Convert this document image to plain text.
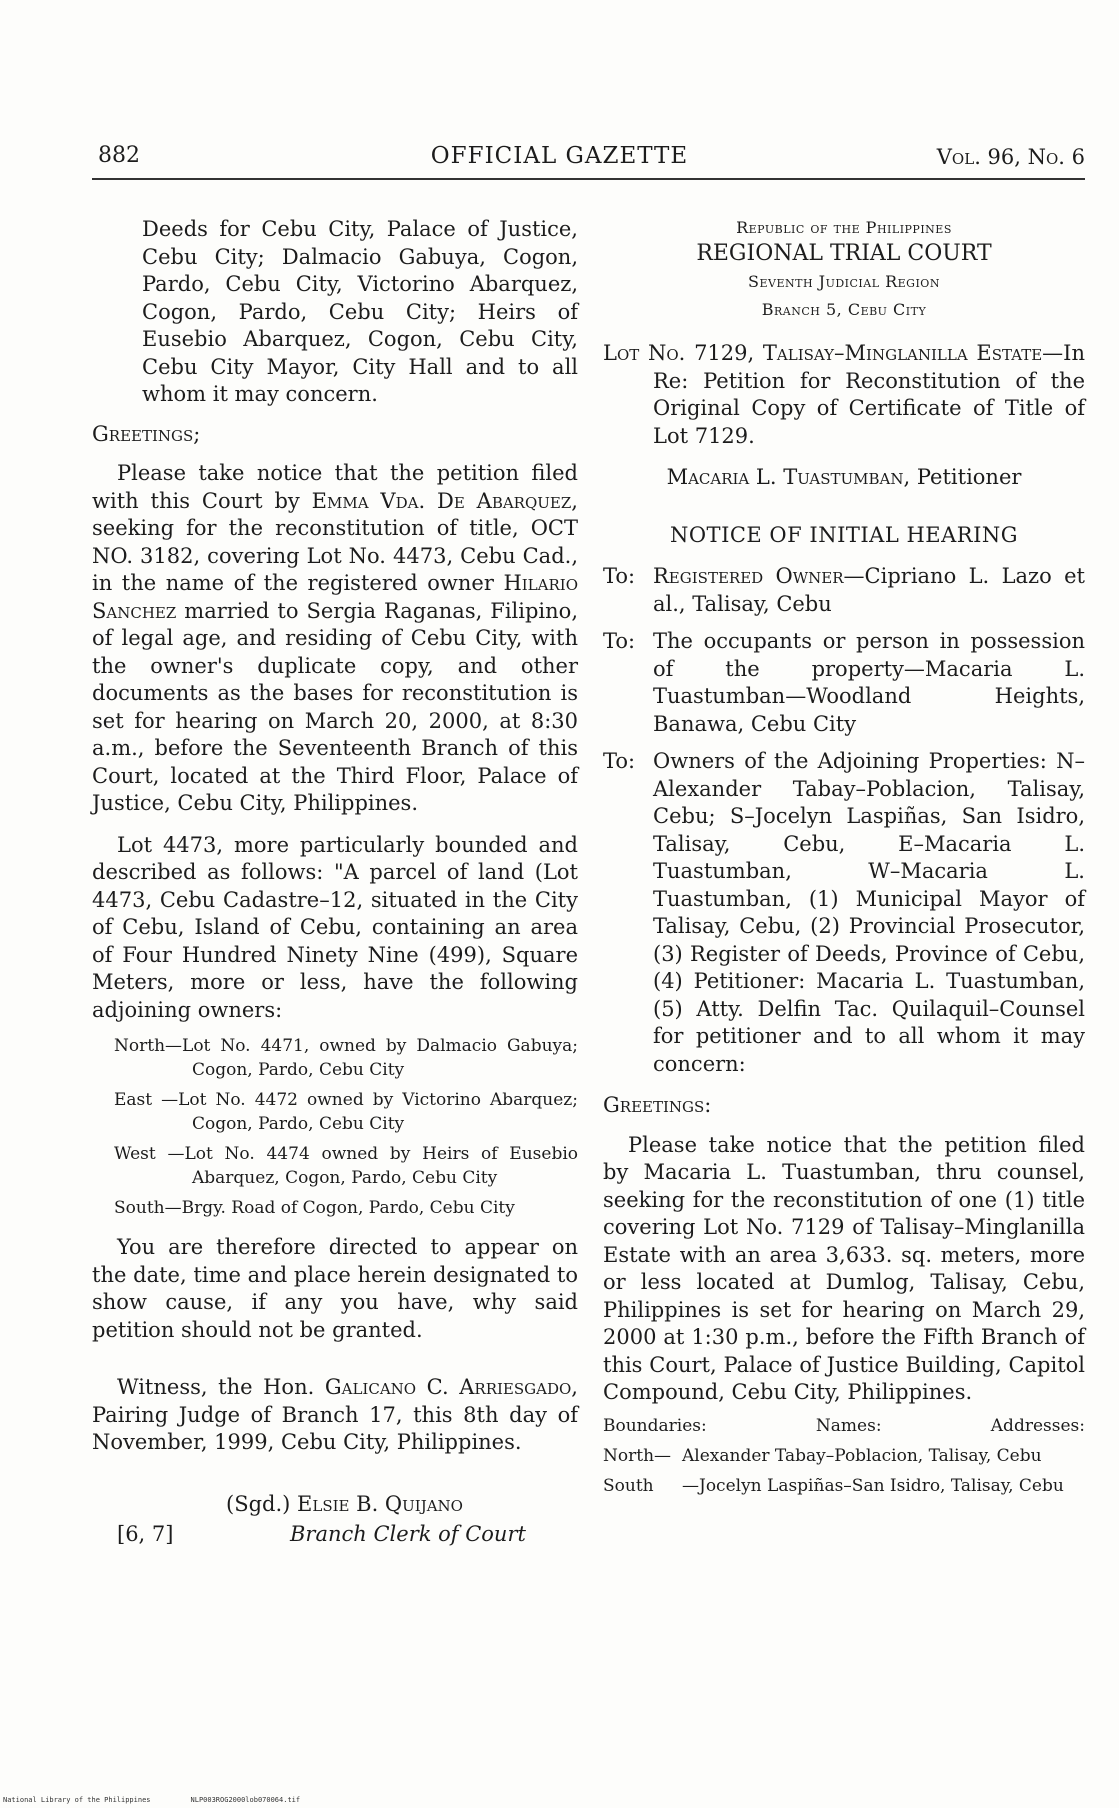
882	OFFICIAL GAZETTE	Vol. 96, No. 6

Deeds for Cebu City, Palace of Justice, Cebu City; Dalmacio Gabuya, Cogon, Pardo, Cebu City, Victorino Abarquez, Cogon, Pardo, Cebu City; Heirs of Eusebio Abarquez, Cogon, Cebu City, Cebu City Mayor, City Hall and to all whom it may concern.

Greetings;

Please take notice that the petition filed with this Court by Emma Vda. De Abarquez, seeking for the reconstitution of title, OCT NO. 3182, covering Lot No. 4473, Cebu Cad., in the name of the registered owner Hilario Sanchez married to Sergia Raganas, Filipino, of legal age, and residing of Cebu City, with the owner's duplicate copy, and other documents as the bases for reconstitution is set for hearing on March 20, 2000, at 8:30 a.m., before the Seventeenth Branch of this Court, located at the Third Floor, Palace of Justice, Cebu City, Philippines.

Lot 4473, more particularly bounded and described as follows: "A parcel of land (Lot 4473, Cebu Cadastre–12, situated in the City of Cebu, Island of Cebu, containing an area of Four Hundred Ninety Nine (499), Square Meters, more or less, have the following adjoining owners:

North—Lot No. 4471, owned by Dalmacio Gabuya; Cogon, Pardo, Cebu City
East —Lot No. 4472 owned by Victorino Abarquez; Cogon, Pardo, Cebu City
West —Lot No. 4474 owned by Heirs of Eusebio Abarquez, Cogon, Pardo, Cebu City
South—Brgy. Road of Cogon, Pardo, Cebu City

You are therefore directed to appear on the date, time and place herein designated to show cause, if any you have, why said petition should not be granted.

Witness, the Hon. Galicano C. Arriesgado, Pairing Judge of Branch 17, this 8th day of November, 1999, Cebu City, Philippines.

(Sgd.) Elsie B. Quijano
[6, 7]	Branch Clerk of Court
Republic of the Philippines
REGIONAL TRIAL COURT
Seventh Judicial Region
Branch 5, Cebu City

Lot No. 7129, Talisay–Minglanilla Estate—In Re: Petition for Reconstitution of the Original Copy of Certificate of Title of Lot 7129.

Macaria L. Tuastumban, Petitioner

NOTICE OF INITIAL HEARING

To: Registered Owner—Cipriano L. Lazo et al., Talisay, Cebu
To: The occupants or person in possession of the property—Macaria L. Tuastumban—Woodland Heights, Banawa, Cebu City
To: Owners of the Adjoining Properties: N–Alexander Tabay–Poblacion, Talisay, Cebu; S–Jocelyn Laspiñas, San Isidro, Talisay, Cebu, E–Macaria L. Tuastumban, W–Macaria L. Tuastumban, (1) Municipal Mayor of Talisay, Cebu, (2) Provincial Prosecutor, (3) Register of Deeds, Province of Cebu, (4) Petitioner: Macaria L. Tuastumban, (5) Atty. Delfin Tac. Quilaquil–Counsel for petitioner and to all whom it may concern:

Greetings:

Please take notice that the petition filed by Macaria L. Tuastumban, thru counsel, seeking for the reconstitution of one (1) title covering Lot No. 7129 of Talisay–Minglanilla Estate with an area 3,633. sq. meters, more or less located at Dumlog, Talisay, Cebu, Philippines is set for hearing on March 29, 2000 at 1:30 p.m., before the Fifth Branch of this Court, Palace of Justice Building, Capitol Compound, Cebu City, Philippines.

Boundaries:	Names:	Addresses:
North— Alexander Tabay–Poblacion, Talisay, Cebu
South —Jocelyn Laspiñas–San Isidro, Talisay, Cebu
National Library of the Philippines	NLP003ROG2000lob070064.tif
